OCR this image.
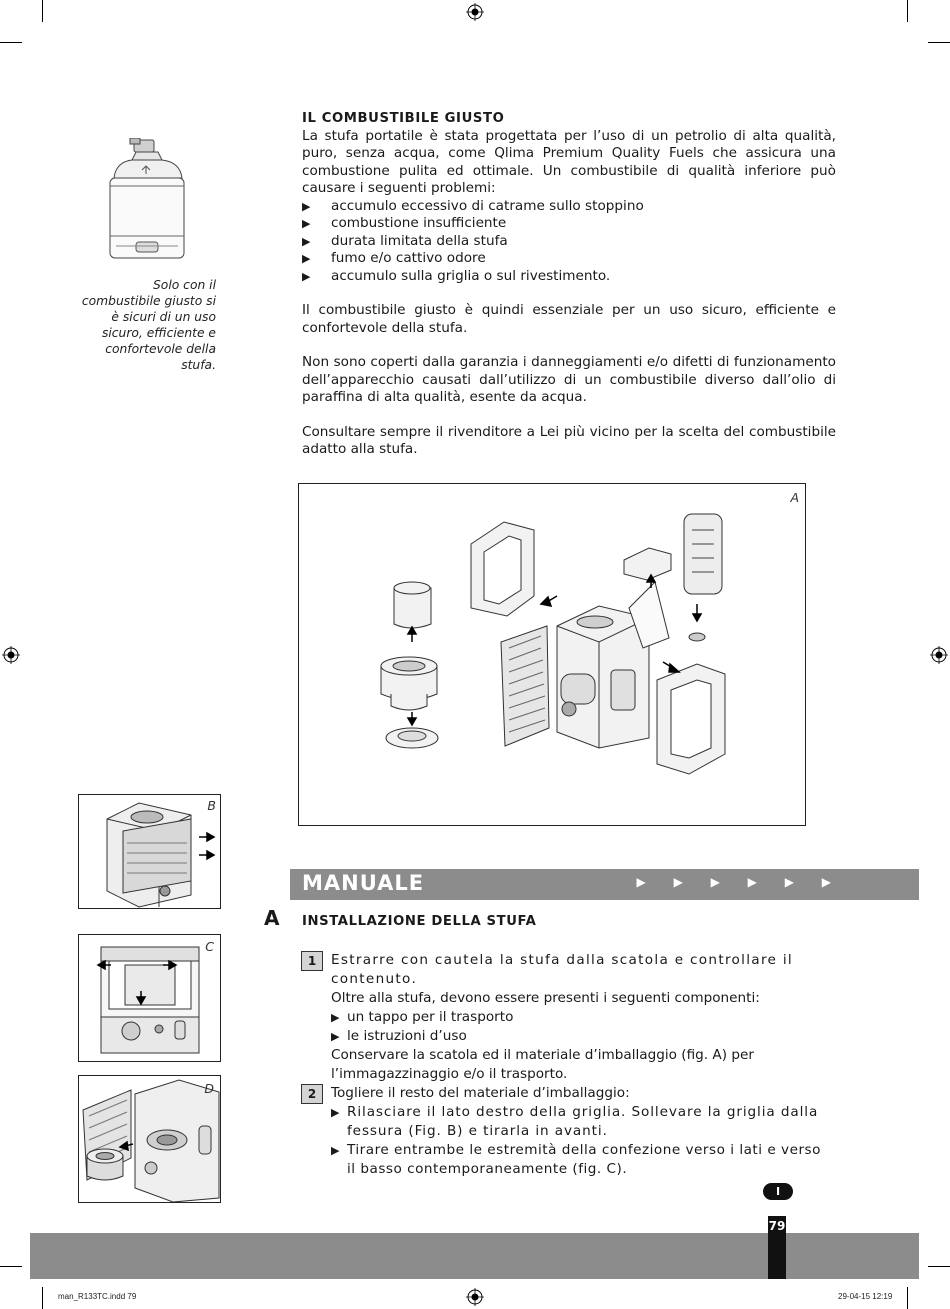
Solo con il combustibile giusto si è sicuri di un uso sicuro, efficiente e confortevole della stufa.
IL COMBUSTIBILE GIUSTO

La stufa portatile è stata progettata per l’uso di un petrolio di alta qualità, puro, senza acqua, come Qlima Premium Quality Fuels che assicura una combustione pulita ed ottimale. Un combustibile di qualità inferiore può causare i seguenti problemi:

▶	accumulo eccessivo di catrame sullo stoppino
▶	combustione insufficiente
▶	durata limitata della stufa
▶	fumo e/o cattivo odore
▶	accumulo sulla griglia o sul rivestimento.

Il combustibile giusto è quindi essenziale per un uso sicuro, efficiente e confortevole della stufa.

Non sono coperti dalla garanzia i danneggiamenti e/o difetti di funzionamento dell’apparecchio causati dall’utilizzo di un combustibile diverso dall’olio di paraffina di alta qualità, esente da acqua.

Consultare sempre il rivenditore a Lei più vicino per la scelta del combustibile adatto alla stufa.

A
B
C
D
MANUALE	▶ ▶ ▶ ▶ ▶ ▶
A INSTALLAZIONE DELLA STUFA
1	Estrarre con cautela la stufa dalla scatola e controllare il contenuto.
Oltre alla stufa, devono essere presenti i seguenti componenti:
▶ un tappo per il trasporto
▶ le istruzioni d’uso
Conservare la scatola ed il materiale d’imballaggio (fig. A) per l’immagazzinaggio e/o il trasporto.
2	Togliere il resto del materiale d’imballaggio:
▶ Rilasciare il lato destro della griglia. Sollevare la griglia dalla fessura (Fig. B) e tirarla in avanti.
▶ Tirare entrambe le estremità della confezione verso i lati e verso il basso contemporaneamente (fig. C).
I
79
man_R133TC.indd 79	29-04-15 12:19
